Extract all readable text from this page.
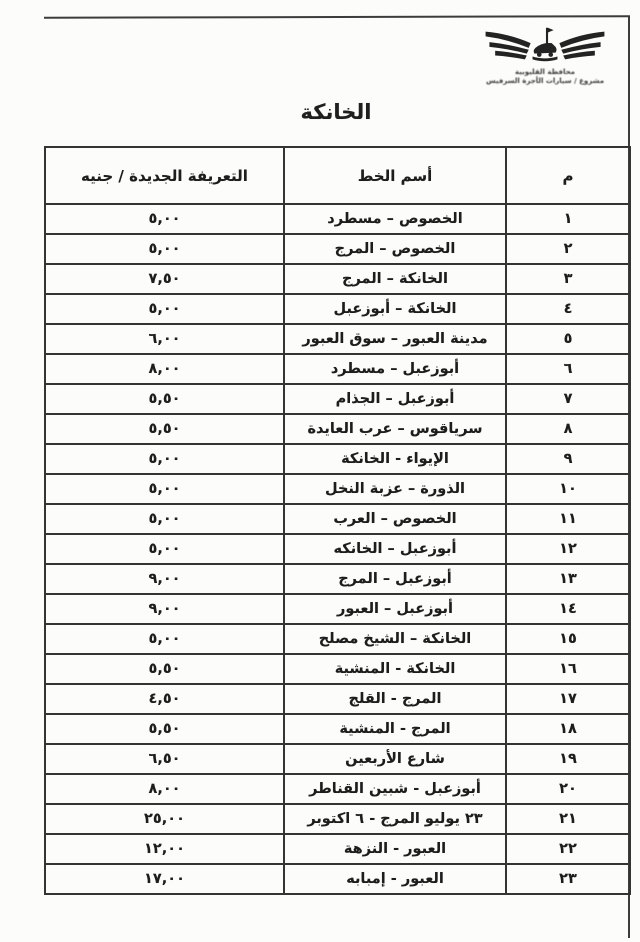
محافظة القليوبية
مشروع / سيارات الأجرة السرفيس
الخانكة
م	أسم الخط	التعريفة الجديدة / جنيه
١	الخصوص – مسطرد	٥,٠٠
٢	الخصوص – المرج	٥,٠٠
٣	الخانكة – المرج	٧,٥٠
٤	الخانكة – أبوزعبل	٥,٠٠
٥	مدينة العبور – سوق العبور	٦,٠٠
٦	أبوزعبل – مسطرد	٨,٠٠
٧	أبوزعبل – الجذام	٥,٥٠
٨	سرياقوس – عرب العايدة	٥,٥٠
٩	الإيواء - الخانكة	٥,٠٠
١٠	الذورة – عزبة النخل	٥,٠٠
١١	الخصوص – العرب	٥,٠٠
١٢	أبوزعبل – الخانكه	٥,٠٠
١٣	أبوزعبل – المرج	٩,٠٠
١٤	أبوزعبل – العبور	٩,٠٠
١٥	الخانكة – الشيخ مصلح	٥,٠٠
١٦	الخانكة - المنشية	٥,٥٠
١٧	المرج - القلج	٤,٥٠
١٨	المرج - المنشية	٥,٥٠
١٩	شارع الأربعين	٦,٥٠
٢٠	أبوزعبل - شبين القناطر	٨,٠٠
٢١	٢٣ يوليو المرج - ٦ اكتوبر	٢٥,٠٠
٢٢	العبور - النزهة	١٢,٠٠
٢٣	العبور - إمبابه	١٧,٠٠
